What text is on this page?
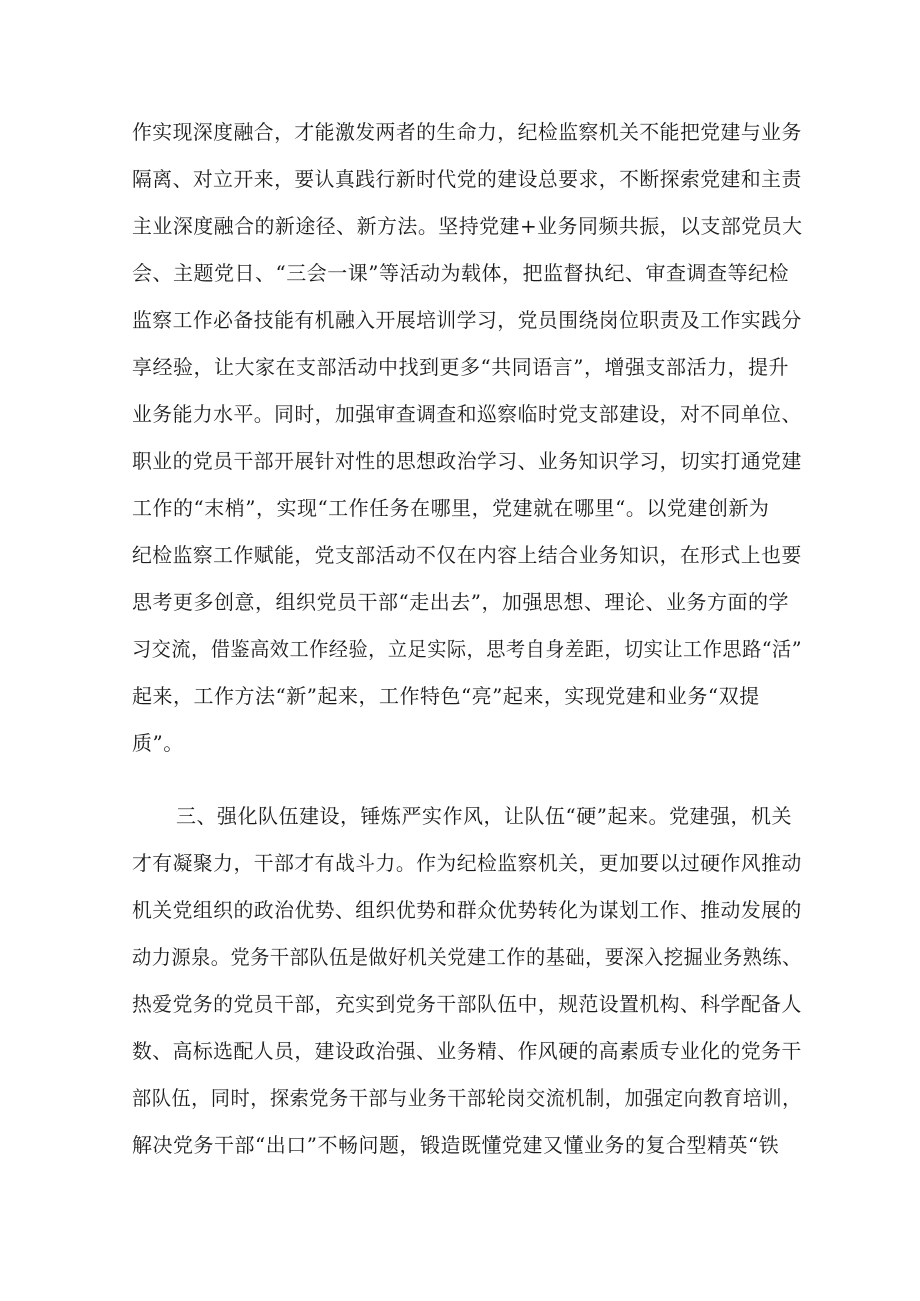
作实现深度融合，才能激发两者的生命力，纪检监察机关不能把党建与业务
隔离、对立开来，要认真践行新时代党的建设总要求，不断探索党建和主责
主业深度融合的新途径、新方法。坚持党建+业务同频共振，以支部党员大
会、主题党日、“三会一课”等活动为载体，把监督执纪、审查调查等纪检
监察工作必备技能有机融入开展培训学习，党员围绕岗位职责及工作实践分
享经验，让大家在支部活动中找到更多“共同语言”，增强支部活力，提升
业务能力水平。同时，加强审查调查和巡察临时党支部建设，对不同单位、
职业的党员干部开展针对性的思想政治学习、业务知识学习，切实打通党建
工作的“末梢”，实现“工作任务在哪里，党建就在哪里“。以党建创新为
纪检监察工作赋能，党支部活动不仅在内容上结合业务知识，在形式上也要
思考更多创意，组织党员干部“走出去”，加强思想、理论、业务方面的学
习交流，借鉴高效工作经验，立足实际，思考自身差距，切实让工作思路“活”
起来，工作方法“新”起来，工作特色“亮”起来，实现党建和业务“双提
质”。
三、强化队伍建设，锤炼严实作风，让队伍“硬”起来。党建强，机关
才有凝聚力，干部才有战斗力。作为纪检监察机关，更加要以过硬作风推动
机关党组织的政治优势、组织优势和群众优势转化为谋划工作、推动发展的
动力源泉。党务干部队伍是做好机关党建工作的基础，要深入挖掘业务熟练、
热爱党务的党员干部，充实到党务干部队伍中，规范设置机构、科学配备人
数、高标选配人员，建设政治强、业务精、作风硬的高素质专业化的党务干
部队伍，同时，探索党务干部与业务干部轮岗交流机制，加强定向教育培训，
解决党务干部“出口”不畅问题，锻造既懂党建又懂业务的复合型精英“铁
